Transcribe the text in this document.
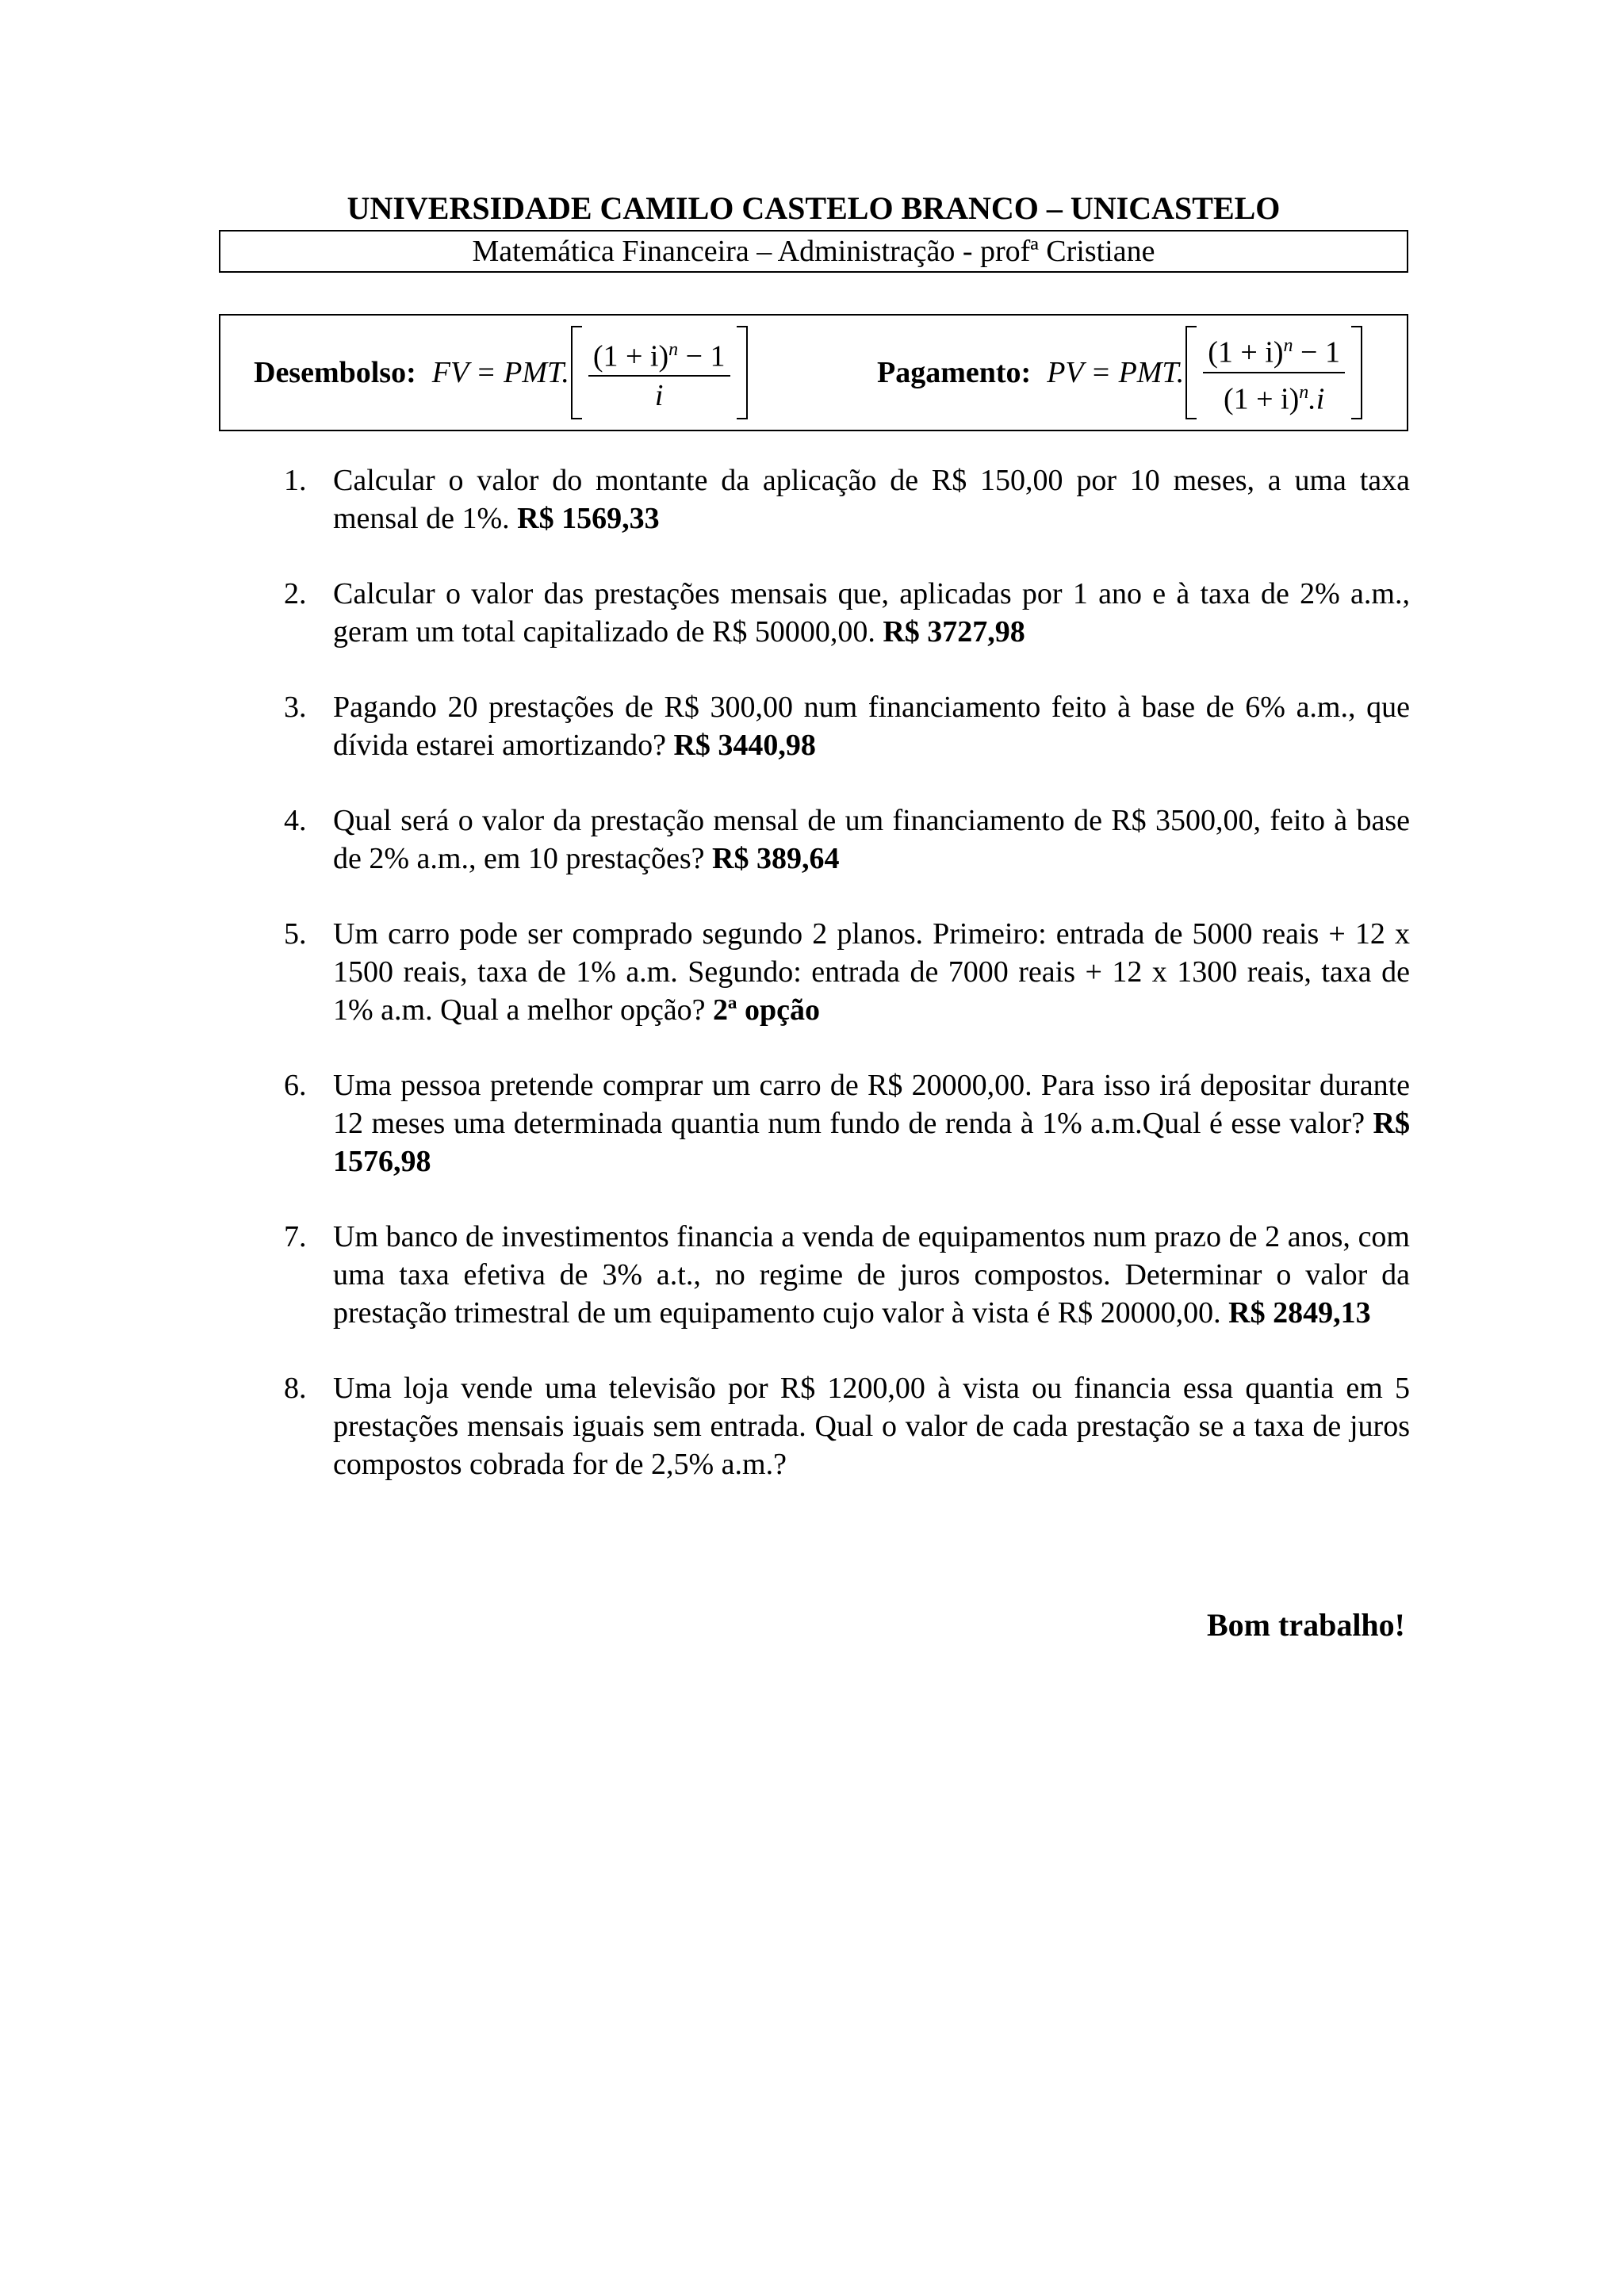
UNIVERSIDADE CAMILO CASTELO BRANCO – UNICASTELO
Matemática Financeira – Administração - profª Cristiane
Desembolso: FV = PMT. $\frac{(1 + i)^n - 1}{i}$	Pagamento: PV = PMT. $\frac{(1 + i)^n - 1}{(1 + i)^n.i}$
1. Calcular o valor do montante da aplicação de R$ 150,00 por 10 meses, a uma taxa mensal de 1%. R$ 1569,33
2. Calcular o valor das prestações mensais que, aplicadas por 1 ano e à taxa de 2% a.m., geram um total capitalizado de R$ 50000,00. R$ 3727,98
3. Pagando 20 prestações de R$ 300,00 num financiamento feito à base de 6% a.m., que dívida estarei amortizando? R$ 3440,98
4. Qual será o valor da prestação mensal de um financiamento de R$ 3500,00, feito à base de 2% a.m., em 10 prestações? R$ 389,64
5. Um carro pode ser comprado segundo 2 planos. Primeiro: entrada de 5000 reais + 12 x 1500 reais, taxa de 1% a.m. Segundo: entrada de 7000 reais + 12 x 1300 reais, taxa de 1% a.m. Qual a melhor opção? 2ª opção
6. Uma pessoa pretende comprar um carro de R$ 20000,00. Para isso irá depositar durante 12 meses uma determinada quantia num fundo de renda à 1% a.m.Qual é esse valor? R$ 1576,98
7. Um banco de investimentos financia a venda de equipamentos num prazo de 2 anos, com uma taxa efetiva de 3% a.t., no regime de juros compostos. Determinar o valor da prestação trimestral de um equipamento cujo valor à vista é R$ 20000,00. R$ 2849,13
8. Uma loja vende uma televisão por R$ 1200,00 à vista ou financia essa quantia em 5 prestações mensais iguais sem entrada. Qual o valor de cada prestação se a taxa de juros compostos cobrada for de 2,5% a.m.?
Bom trabalho!
